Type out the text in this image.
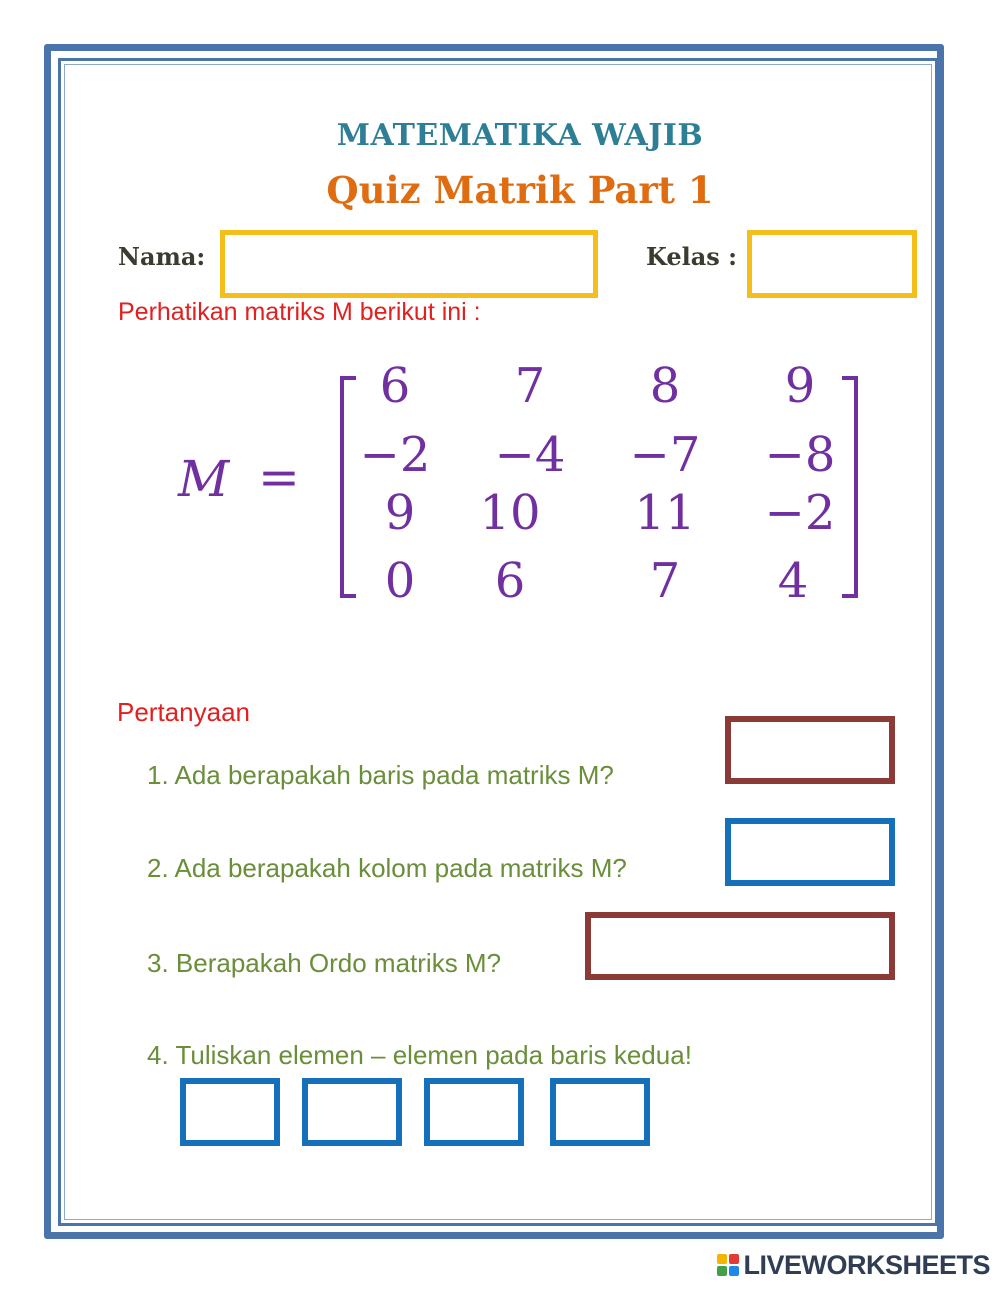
MATEMATIKA WAJIB
Quiz Matrik Part 1
Nama:	Kelas :
Perhatikan matriks M berikut ini :
M =
6	7	8	9
−2	−4	−7	−8
9	10	11	−2
0	6	7	4
Pertanyaan
1. Ada berapakah baris pada matriks M?
2. Ada berapakah kolom pada matriks M?
3. Berapakah Ordo matriks M?
4. Tuliskan elemen – elemen pada baris kedua!
LIVEWORKSHEETS
